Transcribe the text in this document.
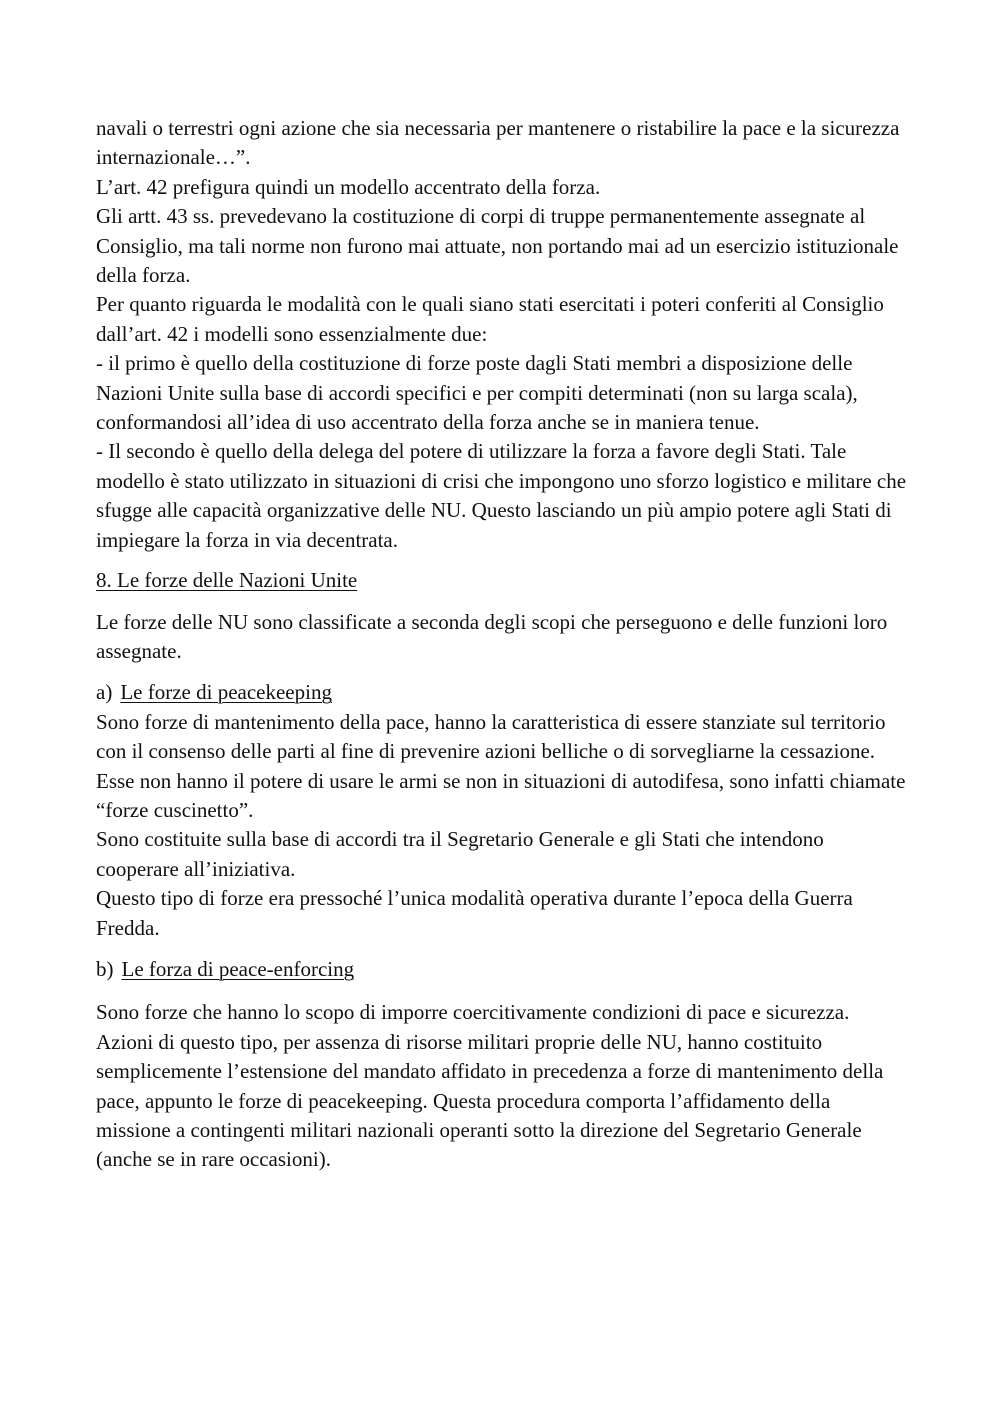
navali o terrestri ogni azione che sia necessaria per mantenere o ristabilire la pace e la sicurezza internazionale…”.

L’art. 42 prefigura quindi un modello accentrato della forza.

Gli artt. 43 ss. prevedevano la costituzione di corpi di truppe permanentemente assegnate al Consiglio, ma tali norme non furono mai attuate, non portando mai ad un esercizio istituzionale della forza.

Per quanto riguarda le modalità con le quali siano stati esercitati i poteri conferiti al Consiglio dall’art. 42 i modelli sono essenzialmente due:

- il primo è quello della costituzione di forze poste dagli Stati membri a disposizione delle Nazioni Unite sulla base di accordi specifici e per compiti determinati (non su larga scala), conformandosi all’idea di uso accentrato della forza anche se in maniera tenue.

- Il secondo è quello della delega del potere di utilizzare la forza a favore degli Stati. Tale modello è stato utilizzato in situazioni di crisi che impongono uno sforzo logistico e militare che sfugge alle capacità organizzative delle NU. Questo lasciando un più ampio potere agli Stati di impiegare la forza in via decentrata.

8. Le forze delle Nazioni Unite

Le forze delle NU sono classificate a seconda degli scopi che perseguono e delle funzioni loro assegnate.

a) Le forze di peacekeeping

Sono forze di mantenimento della pace, hanno la caratteristica di essere stanziate sul territorio con il consenso delle parti al fine di prevenire azioni belliche o di sorvegliarne la cessazione.

Esse non hanno il potere di usare le armi se non in situazioni di autodifesa, sono infatti chiamate “forze cuscinetto”.

Sono costituite sulla base di accordi tra il Segretario Generale e gli Stati che intendono cooperare all’iniziativa.

Questo tipo di forze era pressoché l’unica modalità operativa durante l’epoca della Guerra Fredda.

b) Le forza di peace-enforcing

Sono forze che hanno lo scopo di imporre coercitivamente condizioni di pace e sicurezza.

Azioni di questo tipo, per assenza di risorse militari proprie delle NU, hanno costituito semplicemente l’estensione del mandato affidato in precedenza a forze di mantenimento della pace, appunto le forze di peacekeeping. Questa procedura comporta l’affidamento della missione a contingenti militari nazionali operanti sotto la direzione del Segretario Generale (anche se in rare occasioni).
